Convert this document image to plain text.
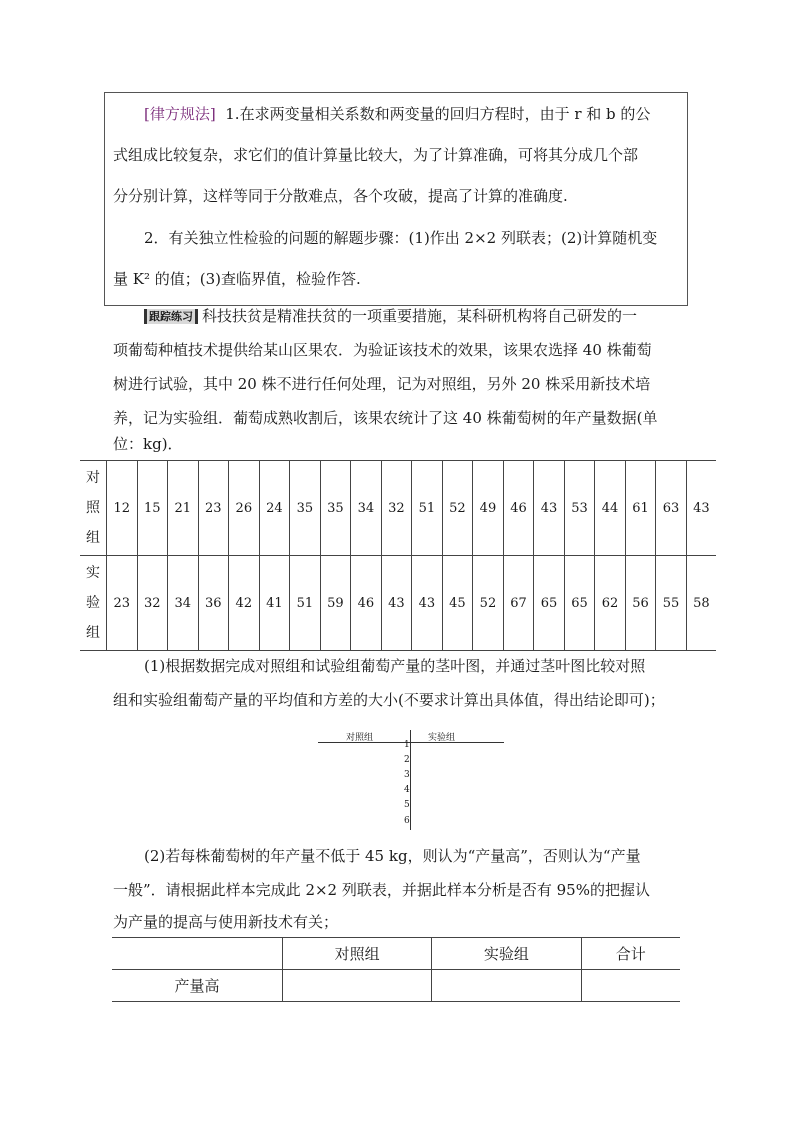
[律方规法] 1.在求两变量相关系数和两变量的回归方程时，由于 r 和 b 的公
式组成比较复杂，求它们的值计算量比较大，为了计算准确，可将其分成几个部
分分别计算，这样等同于分散难点，各个攻破，提高了计算的准确度.
2．有关独立性检验的问题的解题步骤：(1)作出 2×2 列联表；(2)计算随机变
量 K² 的值；(3)查临界值，检验作答.
跟踪练习 科技扶贫是精准扶贫的一项重要措施，某科研机构将自己研发的一
项葡萄种植技术提供给某山区果农．为验证该技术的效果，该果农选择 40 株葡萄
树进行试验，其中 20 株不进行任何处理，记为对照组，另外 20 株采用新技术培
养，记为实验组．葡萄成熟收割后，该果农统计了这 40 株葡萄树的年产量数据(单
位：kg)．
对
照
组	12	15	21	23	26	24	35	35	34	32	51	52	49	46	43	53	44	61	63	43
实
验
组	23	32	34	36	42	41	51	59	46	43	43	45	52	67	65	65	62	56	55	58
(1)根据数据完成对照组和试验组葡萄产量的茎叶图，并通过茎叶图比较对照
组和实验组葡萄产量的平均值和方差的大小(不要求计算出具体值，得出结论即可)；
对照组	实验组
1
2
3
4
5
6
(2)若每株葡萄树的年产量不低于 45 kg，则认为“产量高”，否则认为“产量
一般”．请根据此样本完成此 2×2 列联表，并据此样本分析是否有 95%的把握认
为产量的提高与使用新技术有关；
	对照组	实验组	合计
产量高			
